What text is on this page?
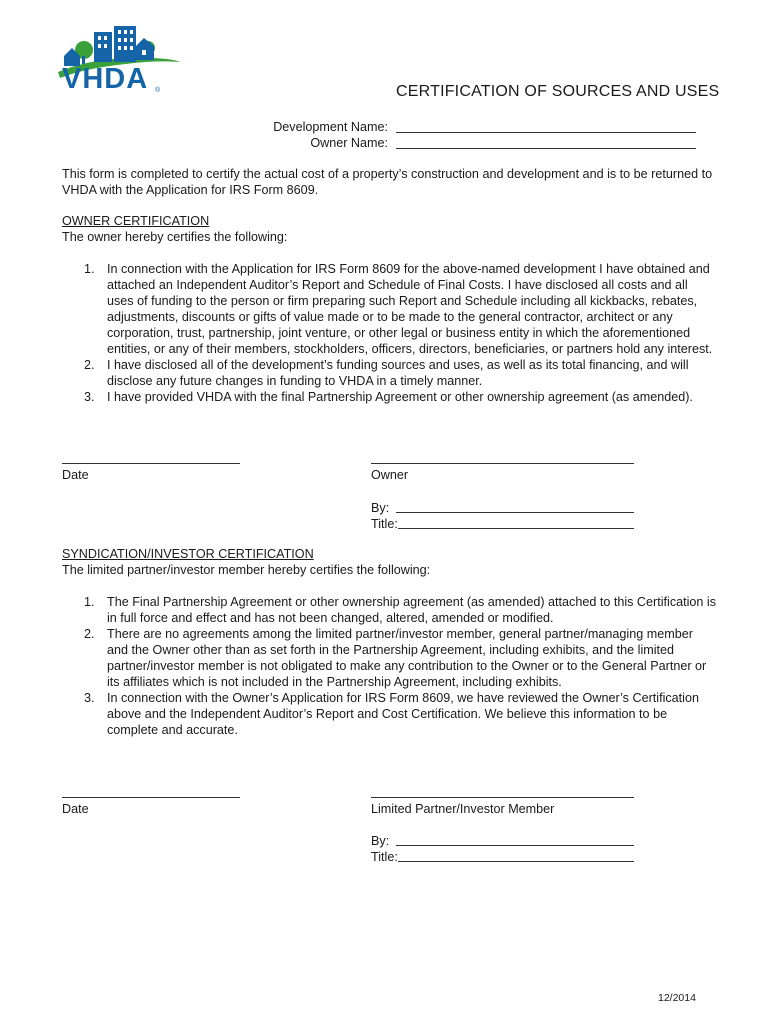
VHDA ®	CERTIFICATION OF SOURCES AND USES
Development Name:
Owner Name:
This form is completed to certify the actual cost of a property’s construction and development and is to be returned to VHDA with the Application for IRS Form 8609.
OWNER CERTIFICATION
The owner hereby certifies the following:
1. In connection with the Application for IRS Form 8609 for the above-named development I have obtained and attached an Independent Auditor’s Report and Schedule of Final Costs. I have disclosed all costs and all uses of funding to the person or firm preparing such Report and Schedule including all kickbacks, rebates, adjustments, discounts or gifts of value made or to be made to the general contractor, architect or any corporation, trust, partnership, joint venture, or other legal or business entity in which the aforementioned entities, or any of their members, stockholders, officers, directors, beneficiaries, or partners hold any interest.
2. I have disclosed all of the development’s funding sources and uses, as well as its total financing, and will disclose any future changes in funding to VHDA in a timely manner.
3. I have provided VHDA with the final Partnership Agreement or other ownership agreement (as amended).
Date	Owner
By:
Title:
SYNDICATION/INVESTOR CERTIFICATION
The limited partner/investor member hereby certifies the following:
1. The Final Partnership Agreement or other ownership agreement (as amended) attached to this Certification is in full force and effect and has not been changed, altered, amended or modified.
2. There are no agreements among the limited partner/investor member, general partner/managing member and the Owner other than as set forth in the Partnership Agreement, including exhibits, and the limited partner/investor member is not obligated to make any contribution to the Owner or to the General Partner or its affiliates which is not included in the Partnership Agreement, including exhibits.
3. In connection with the Owner’s Application for IRS Form 8609, we have reviewed the Owner’s Certification above and the Independent Auditor’s Report and Cost Certification. We believe this information to be complete and accurate.
Date	Limited Partner/Investor Member
By:
Title:
12/2014
